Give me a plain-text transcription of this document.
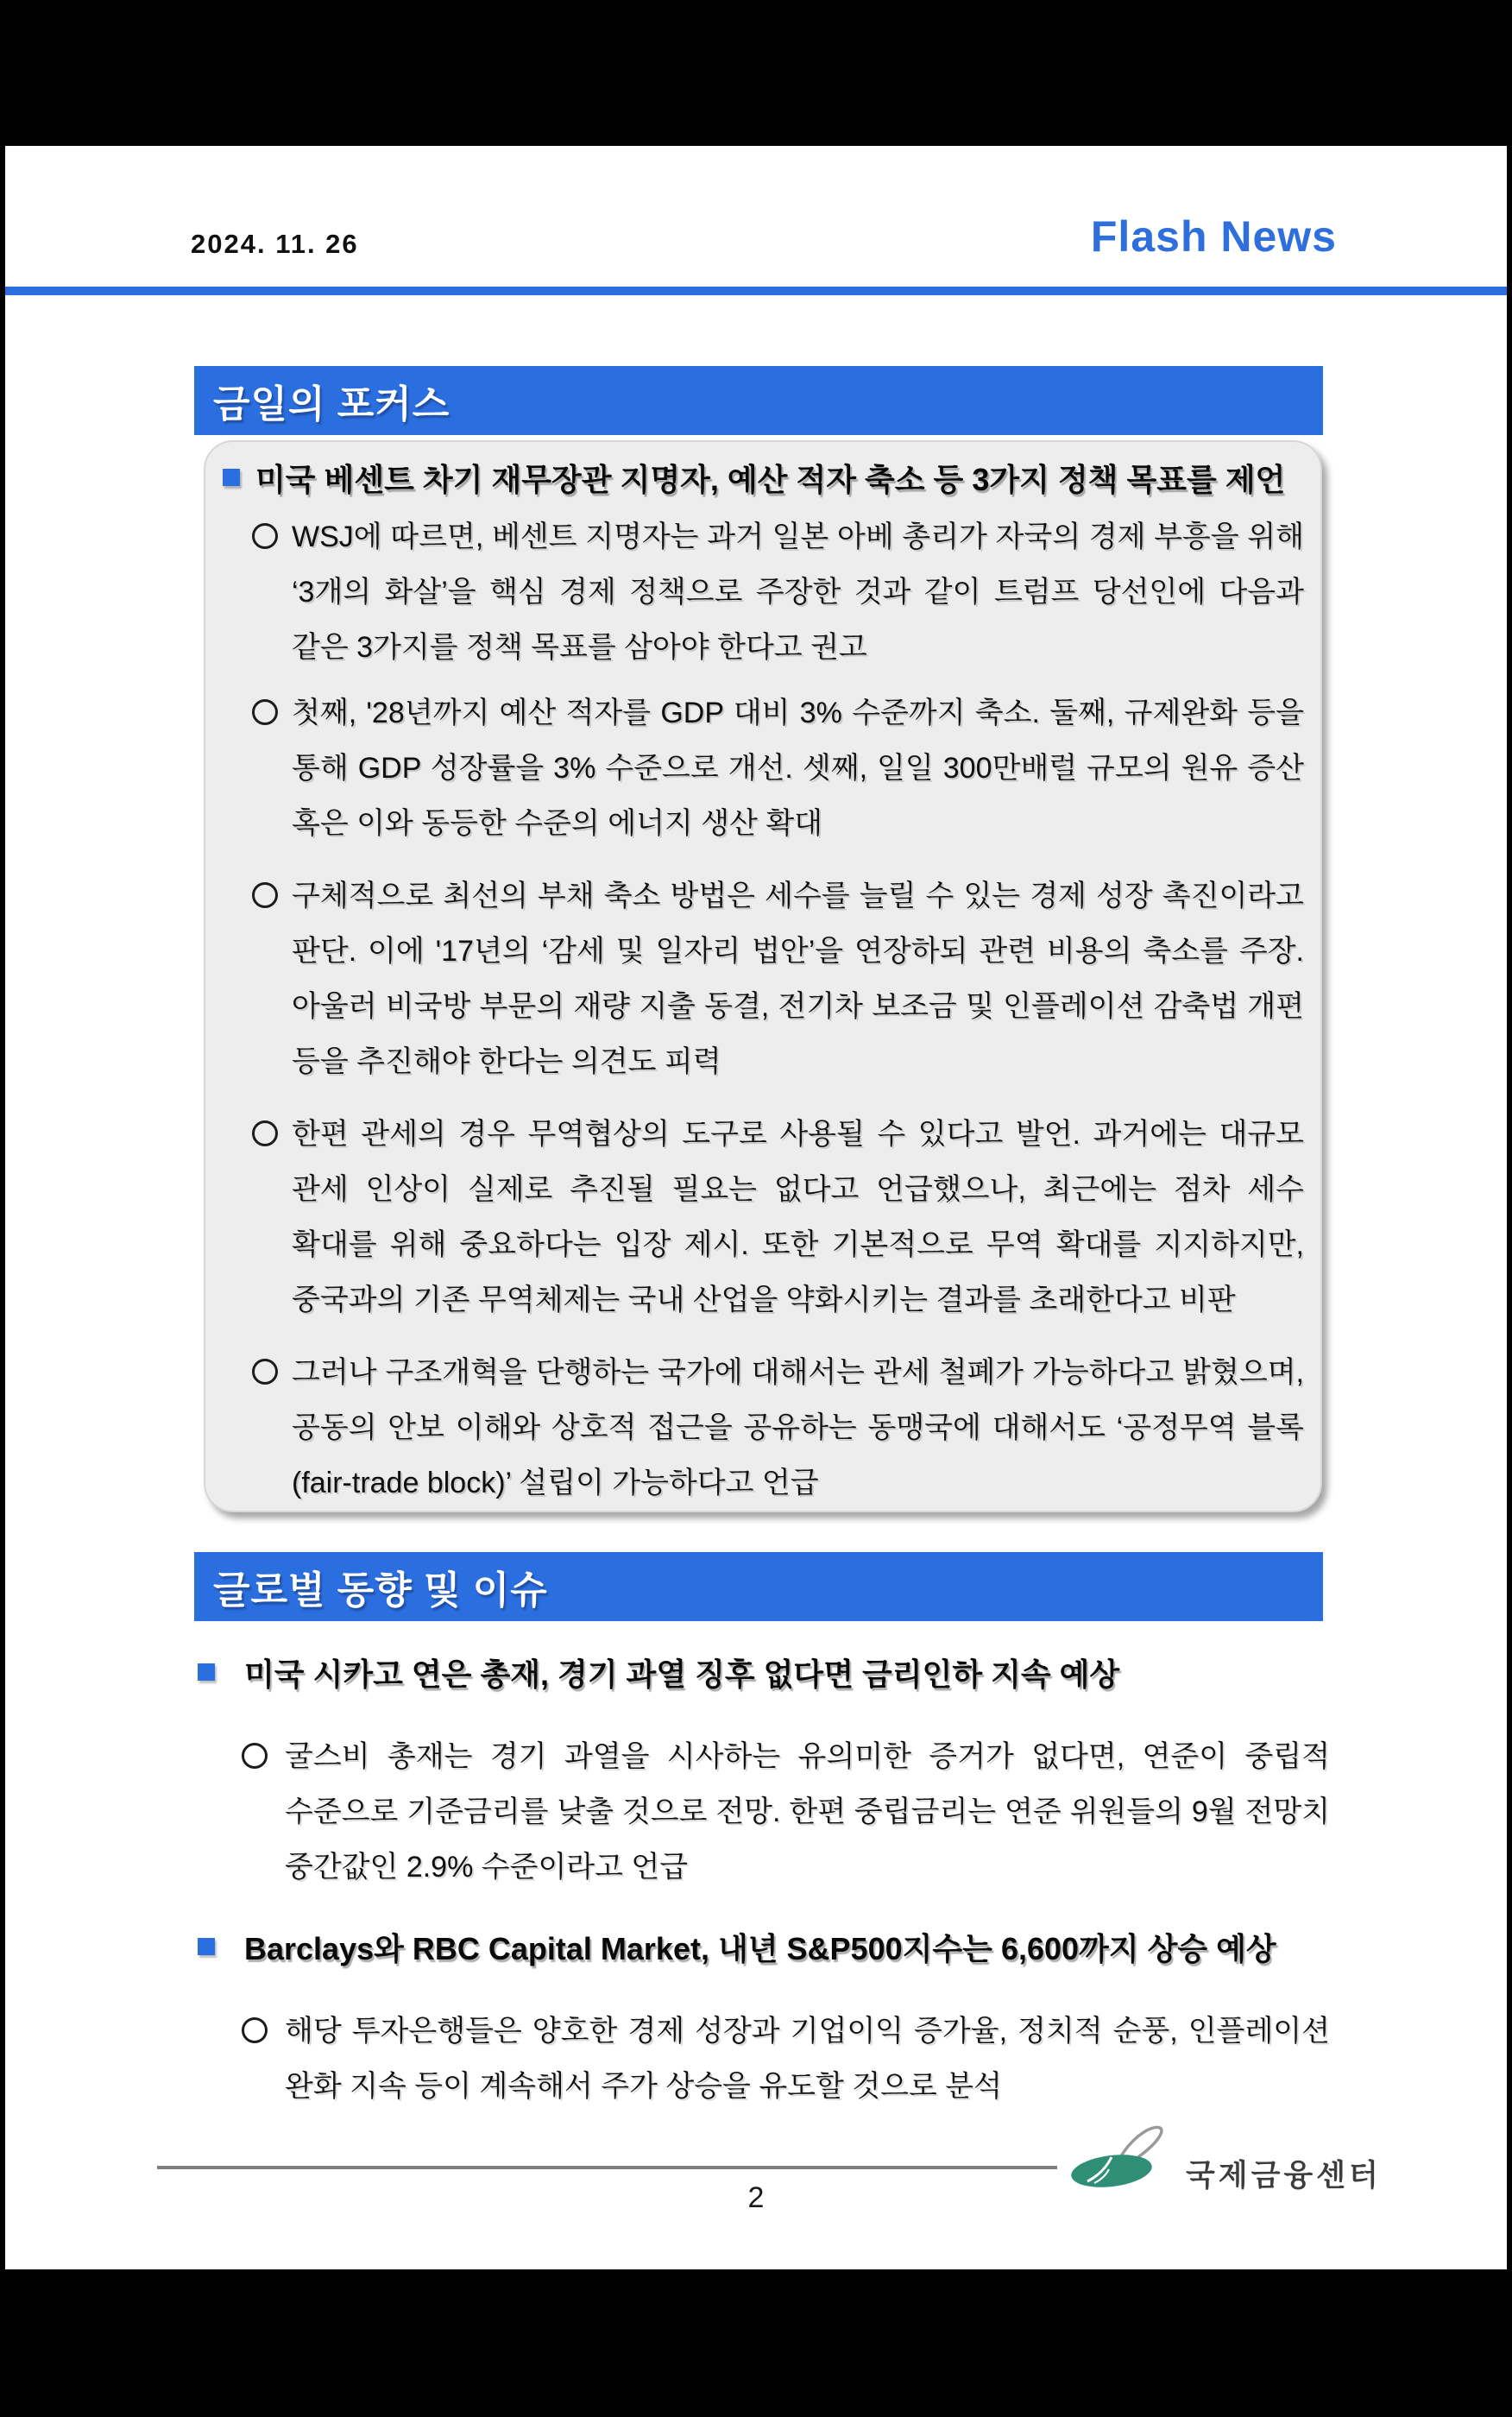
2024. 11. 26	Flash News
금일의 포커스
미국 베센트 차기 재무장관 지명자, 예산 적자 축소 등 3가지 정책 목표를 제언
WSJ에 따르면, 베센트 지명자는 과거 일본 아베 총리가 자국의 경제 부흥을 위해 ‘3개의 화살’을 핵심 경제 정책으로 주장한 것과 같이 트럼프 당선인에 다음과 같은 3가지를 정책 목표를 삼아야 한다고 권고
첫째, '28년까지 예산 적자를 GDP 대비 3% 수준까지 축소. 둘째, 규제완화 등을 통해 GDP 성장률을 3% 수준으로 개선. 셋째, 일일 300만배럴 규모의 원유 증산 혹은 이와 동등한 수준의 에너지 생산 확대
구체적으로 최선의 부채 축소 방법은 세수를 늘릴 수 있는 경제 성장 촉진이라고 판단. 이에 '17년의 ‘감세 및 일자리 법안’을 연장하되 관련 비용의 축소를 주장. 아울러 비국방 부문의 재량 지출 동결, 전기차 보조금 및 인플레이션 감축법 개편 등을 추진해야 한다는 의견도 피력
한편 관세의 경우 무역협상의 도구로 사용될 수 있다고 발언. 과거에는 대규모 관세 인상이 실제로 추진될 필요는 없다고 언급했으나, 최근에는 점차 세수 확대를 위해 중요하다는 입장 제시. 또한 기본적으로 무역 확대를 지지하지만, 중국과의 기존 무역체제는 국내 산업을 약화시키는 결과를 초래한다고 비판
그러나 구조개혁을 단행하는 국가에 대해서는 관세 철폐가 가능하다고 밝혔으며, 공동의 안보 이해와 상호적 접근을 공유하는 동맹국에 대해서도 ‘공정무역 블록(fair-trade block)’ 설립이 가능하다고 언급
글로벌 동향 및 이슈
미국 시카고 연은 총재, 경기 과열 징후 없다면 금리인하 지속 예상
굴스비 총재는 경기 과열을 시사하는 유의미한 증거가 없다면, 연준이 중립적 수준으로 기준금리를 낮출 것으로 전망. 한편 중립금리는 연준 위원들의 9월 전망치 중간값인 2.9% 수준이라고 언급
Barclays와 RBC Capital Market, 내년 S&P500지수는 6,600까지 상승 예상
해당 투자은행들은 양호한 경제 성장과 기업이익 증가율, 정치적 순풍, 인플레이션 완화 지속 등이 계속해서 주가 상승을 유도할 것으로 분석
국제금융센터
2
